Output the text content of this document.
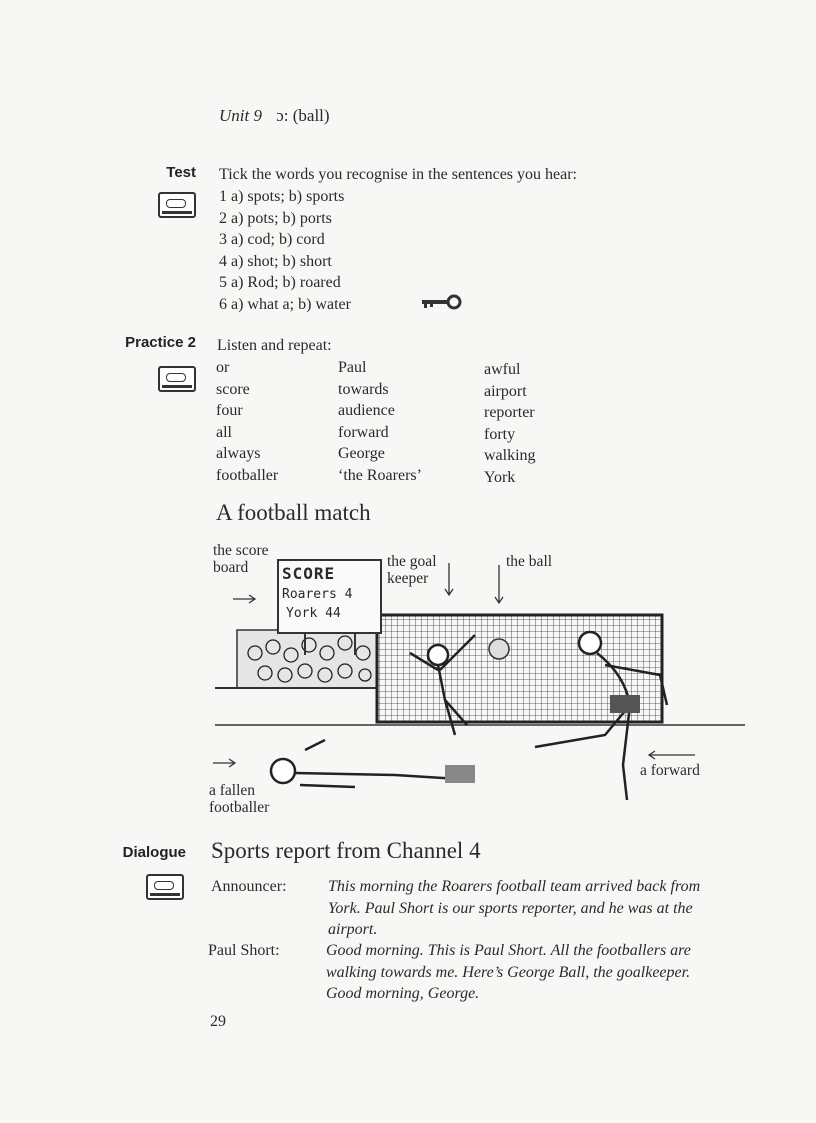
Unit 9 ɔ: (ball)
Test Tick the words you recognise in the sentences you hear:
1 a) spots; b) sports
2 a) pots; b) ports
3 a) cod; b) cord
4 a) shot; b) short
5 a) Rod; b) roared
6 a) what a; b) water
Practice 2 Listen and repeat:
or
score
four
all
always
footballer
Paul
towards
audience
forward
George
‘the Roarers’
awful
airport
reporter
forty
walking
York
A football match
SCORE
Roarers 4
York 44
the score board	the goal keeper
the ball
a fallen footballer
a forward
Dialogue Sports report from Channel 4
Announcer:	This morning the Roarers football team arrived back from York. Paul Short is our sports reporter, and he was at the airport.
Paul Short:	Good morning. This is Paul Short. All the footballers are walking towards me. Here’s George Ball, the goalkeeper. Good morning, George.
29
